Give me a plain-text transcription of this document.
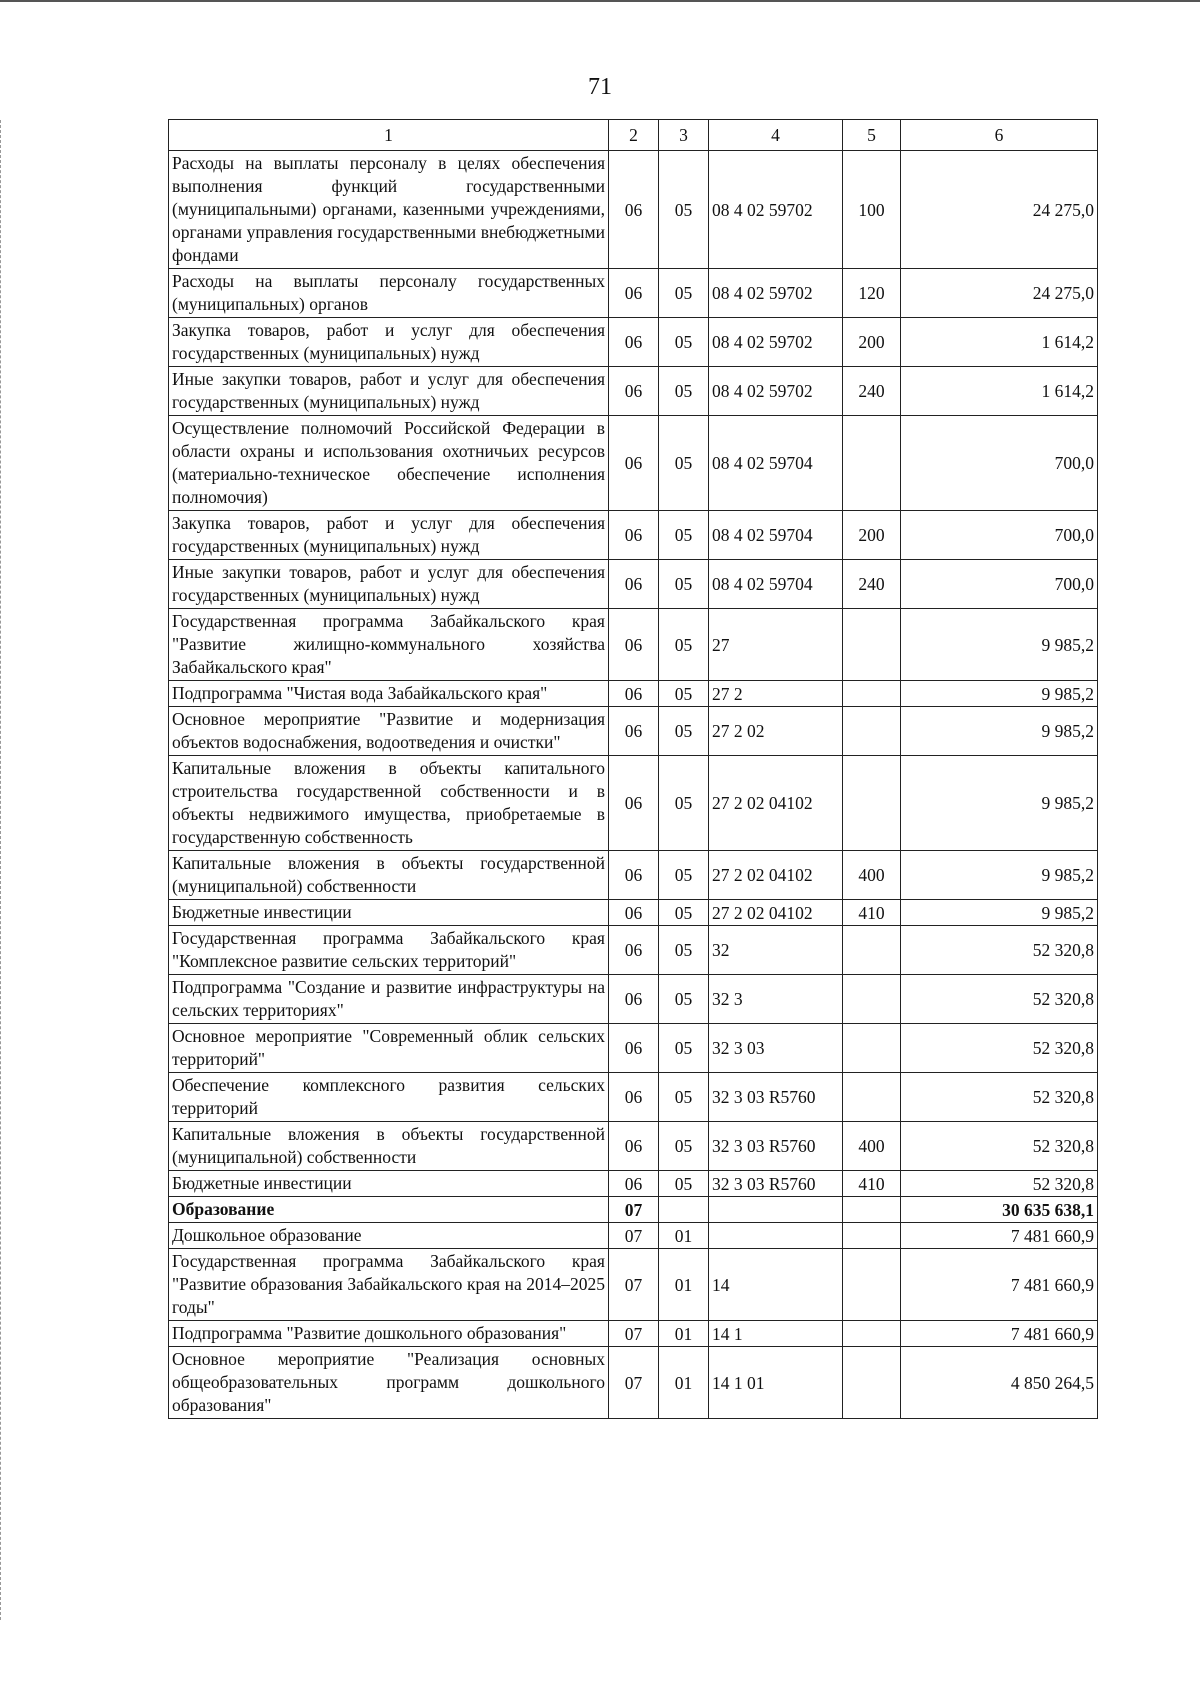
71
1	2	3	4	5	6
Расходы на выплаты персоналу в целях обеспечения выполнения функций государственными (муниципальными) органами, казенными учреждениями, органами управления государственными внебюджетными фондами	06	05	08 4 02 59702	100	24 275,0
Расходы на выплаты персоналу государственных (муниципальных) органов	06	05	08 4 02 59702	120	24 275,0
Закупка товаров, работ и услуг для обеспечения государственных (муниципальных) нужд	06	05	08 4 02 59702	200	1 614,2
Иные закупки товаров, работ и услуг для обеспечения государственных (муниципальных) нужд	06	05	08 4 02 59702	240	1 614,2
Осуществление полномочий Российской Федерации в области охраны и использования охотничьих ресурсов (материально-техническое обеспечение исполнения полномочия)	06	05	08 4 02 59704		700,0
Закупка товаров, работ и услуг для обеспечения государственных (муниципальных) нужд	06	05	08 4 02 59704	200	700,0
Иные закупки товаров, работ и услуг для обеспечения государственных (муниципальных) нужд	06	05	08 4 02 59704	240	700,0
Государственная программа Забайкальского края "Развитие жилищно-коммунального хозяйства Забайкальского края"	06	05	27		9 985,2
Подпрограмма "Чистая вода Забайкальского края"	06	05	27 2		9 985,2
Основное мероприятие "Развитие и модернизация объектов водоснабжения, водоотведения и очистки"	06	05	27 2 02		9 985,2
Капитальные вложения в объекты капитального строительства государственной собственности и в объекты недвижимого имущества, приобретаемые в государственную собственность	06	05	27 2 02 04102		9 985,2
Капитальные вложения в объекты государственной (муниципальной) собственности	06	05	27 2 02 04102	400	9 985,2
Бюджетные инвестиции	06	05	27 2 02 04102	410	9 985,2
Государственная программа Забайкальского края "Комплексное развитие сельских территорий"	06	05	32		52 320,8
Подпрограмма "Создание и развитие инфраструктуры на сельских территориях"	06	05	32 3		52 320,8
Основное мероприятие "Современный облик сельских территорий"	06	05	32 3 03		52 320,8
Обеспечение комплексного развития сельских территорий	06	05	32 3 03 R5760		52 320,8
Капитальные вложения в объекты государственной (муниципальной) собственности	06	05	32 3 03 R5760	400	52 320,8
Бюджетные инвестиции	06	05	32 3 03 R5760	410	52 320,8
Образование	07				30 635 638,1
Дошкольное образование	07	01			7 481 660,9
Государственная программа Забайкальского края "Развитие образования Забайкальского края на 2014–2025 годы"	07	01	14		7 481 660,9
Подпрограмма "Развитие дошкольного образования"	07	01	14 1		7 481 660,9
Основное мероприятие "Реализация основных общеобразовательных программ дошкольного образования"	07	01	14 1 01		4 850 264,5
